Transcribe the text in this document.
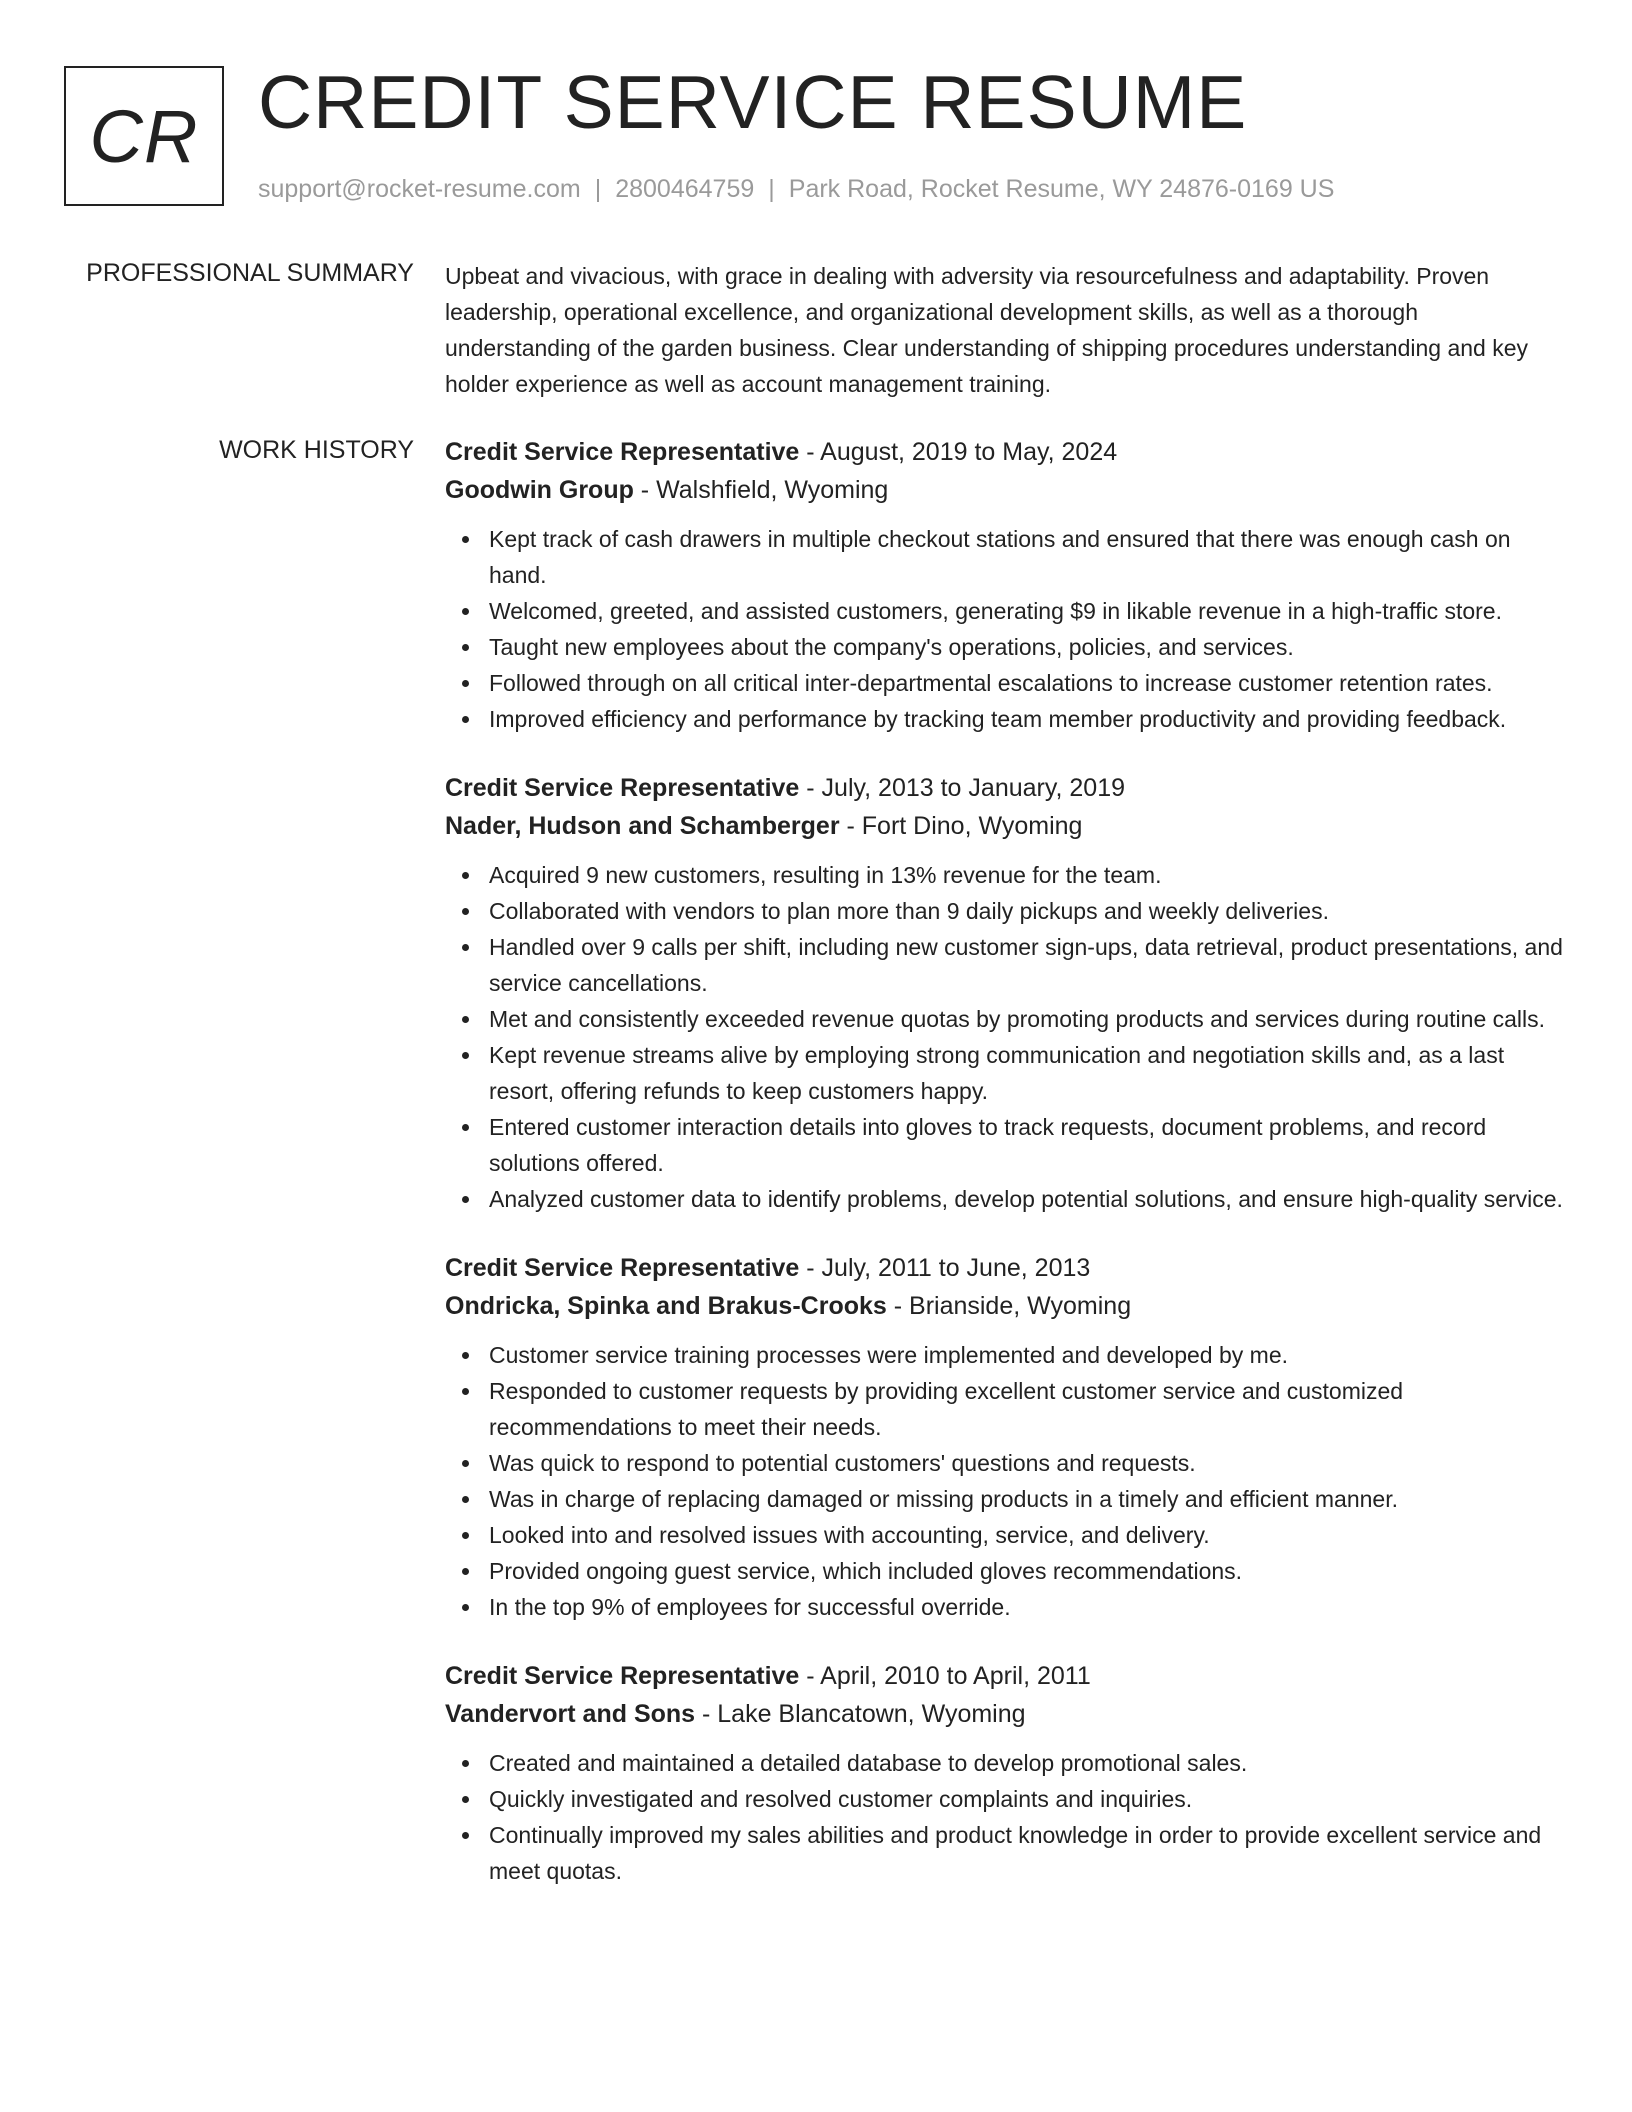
CR CREDIT SERVICE RESUME
support@rocket-resume.com | 2800464759 | Park Road, Rocket Resume, WY 24876-0169 US
PROFESSIONAL SUMMARY Upbeat and vivacious, with grace in dealing with adversity via resourcefulness and adaptability. Proven leadership, operational excellence, and organizational development skills, as well as a thorough understanding of the garden business. Clear understanding of shipping procedures understanding and key holder experience as well as account management training.
WORK HISTORY Credit Service Representative - August, 2019 to May, 2024
Goodwin Group - Walshfield, Wyoming
Kept track of cash drawers in multiple checkout stations and ensured that there was enough cash on hand.
Welcomed, greeted, and assisted customers, generating $9 in likable revenue in a high-traffic store.
Taught new employees about the company's operations, policies, and services.
Followed through on all critical inter-departmental escalations to increase customer retention rates.
Improved efficiency and performance by tracking team member productivity and providing feedback.
Credit Service Representative - July, 2013 to January, 2019
Nader, Hudson and Schamberger - Fort Dino, Wyoming
Acquired 9 new customers, resulting in 13% revenue for the team.
Collaborated with vendors to plan more than 9 daily pickups and weekly deliveries.
Handled over 9 calls per shift, including new customer sign-ups, data retrieval, product presentations, and service cancellations.
Met and consistently exceeded revenue quotas by promoting products and services during routine calls.
Kept revenue streams alive by employing strong communication and negotiation skills and, as a last resort, offering refunds to keep customers happy.
Entered customer interaction details into gloves to track requests, document problems, and record solutions offered.
Analyzed customer data to identify problems, develop potential solutions, and ensure high-quality service.
Credit Service Representative - July, 2011 to June, 2013
Ondricka, Spinka and Brakus-Crooks - Brianside, Wyoming
Customer service training processes were implemented and developed by me.
Responded to customer requests by providing excellent customer service and customized recommendations to meet their needs.
Was quick to respond to potential customers' questions and requests.
Was in charge of replacing damaged or missing products in a timely and efficient manner.
Looked into and resolved issues with accounting, service, and delivery.
Provided ongoing guest service, which included gloves recommendations.
In the top 9% of employees for successful override.
Credit Service Representative - April, 2010 to April, 2011
Vandervort and Sons - Lake Blancatown, Wyoming
Created and maintained a detailed database to develop promotional sales.
Quickly investigated and resolved customer complaints and inquiries.
Continually improved my sales abilities and product knowledge in order to provide excellent service and meet quotas.
